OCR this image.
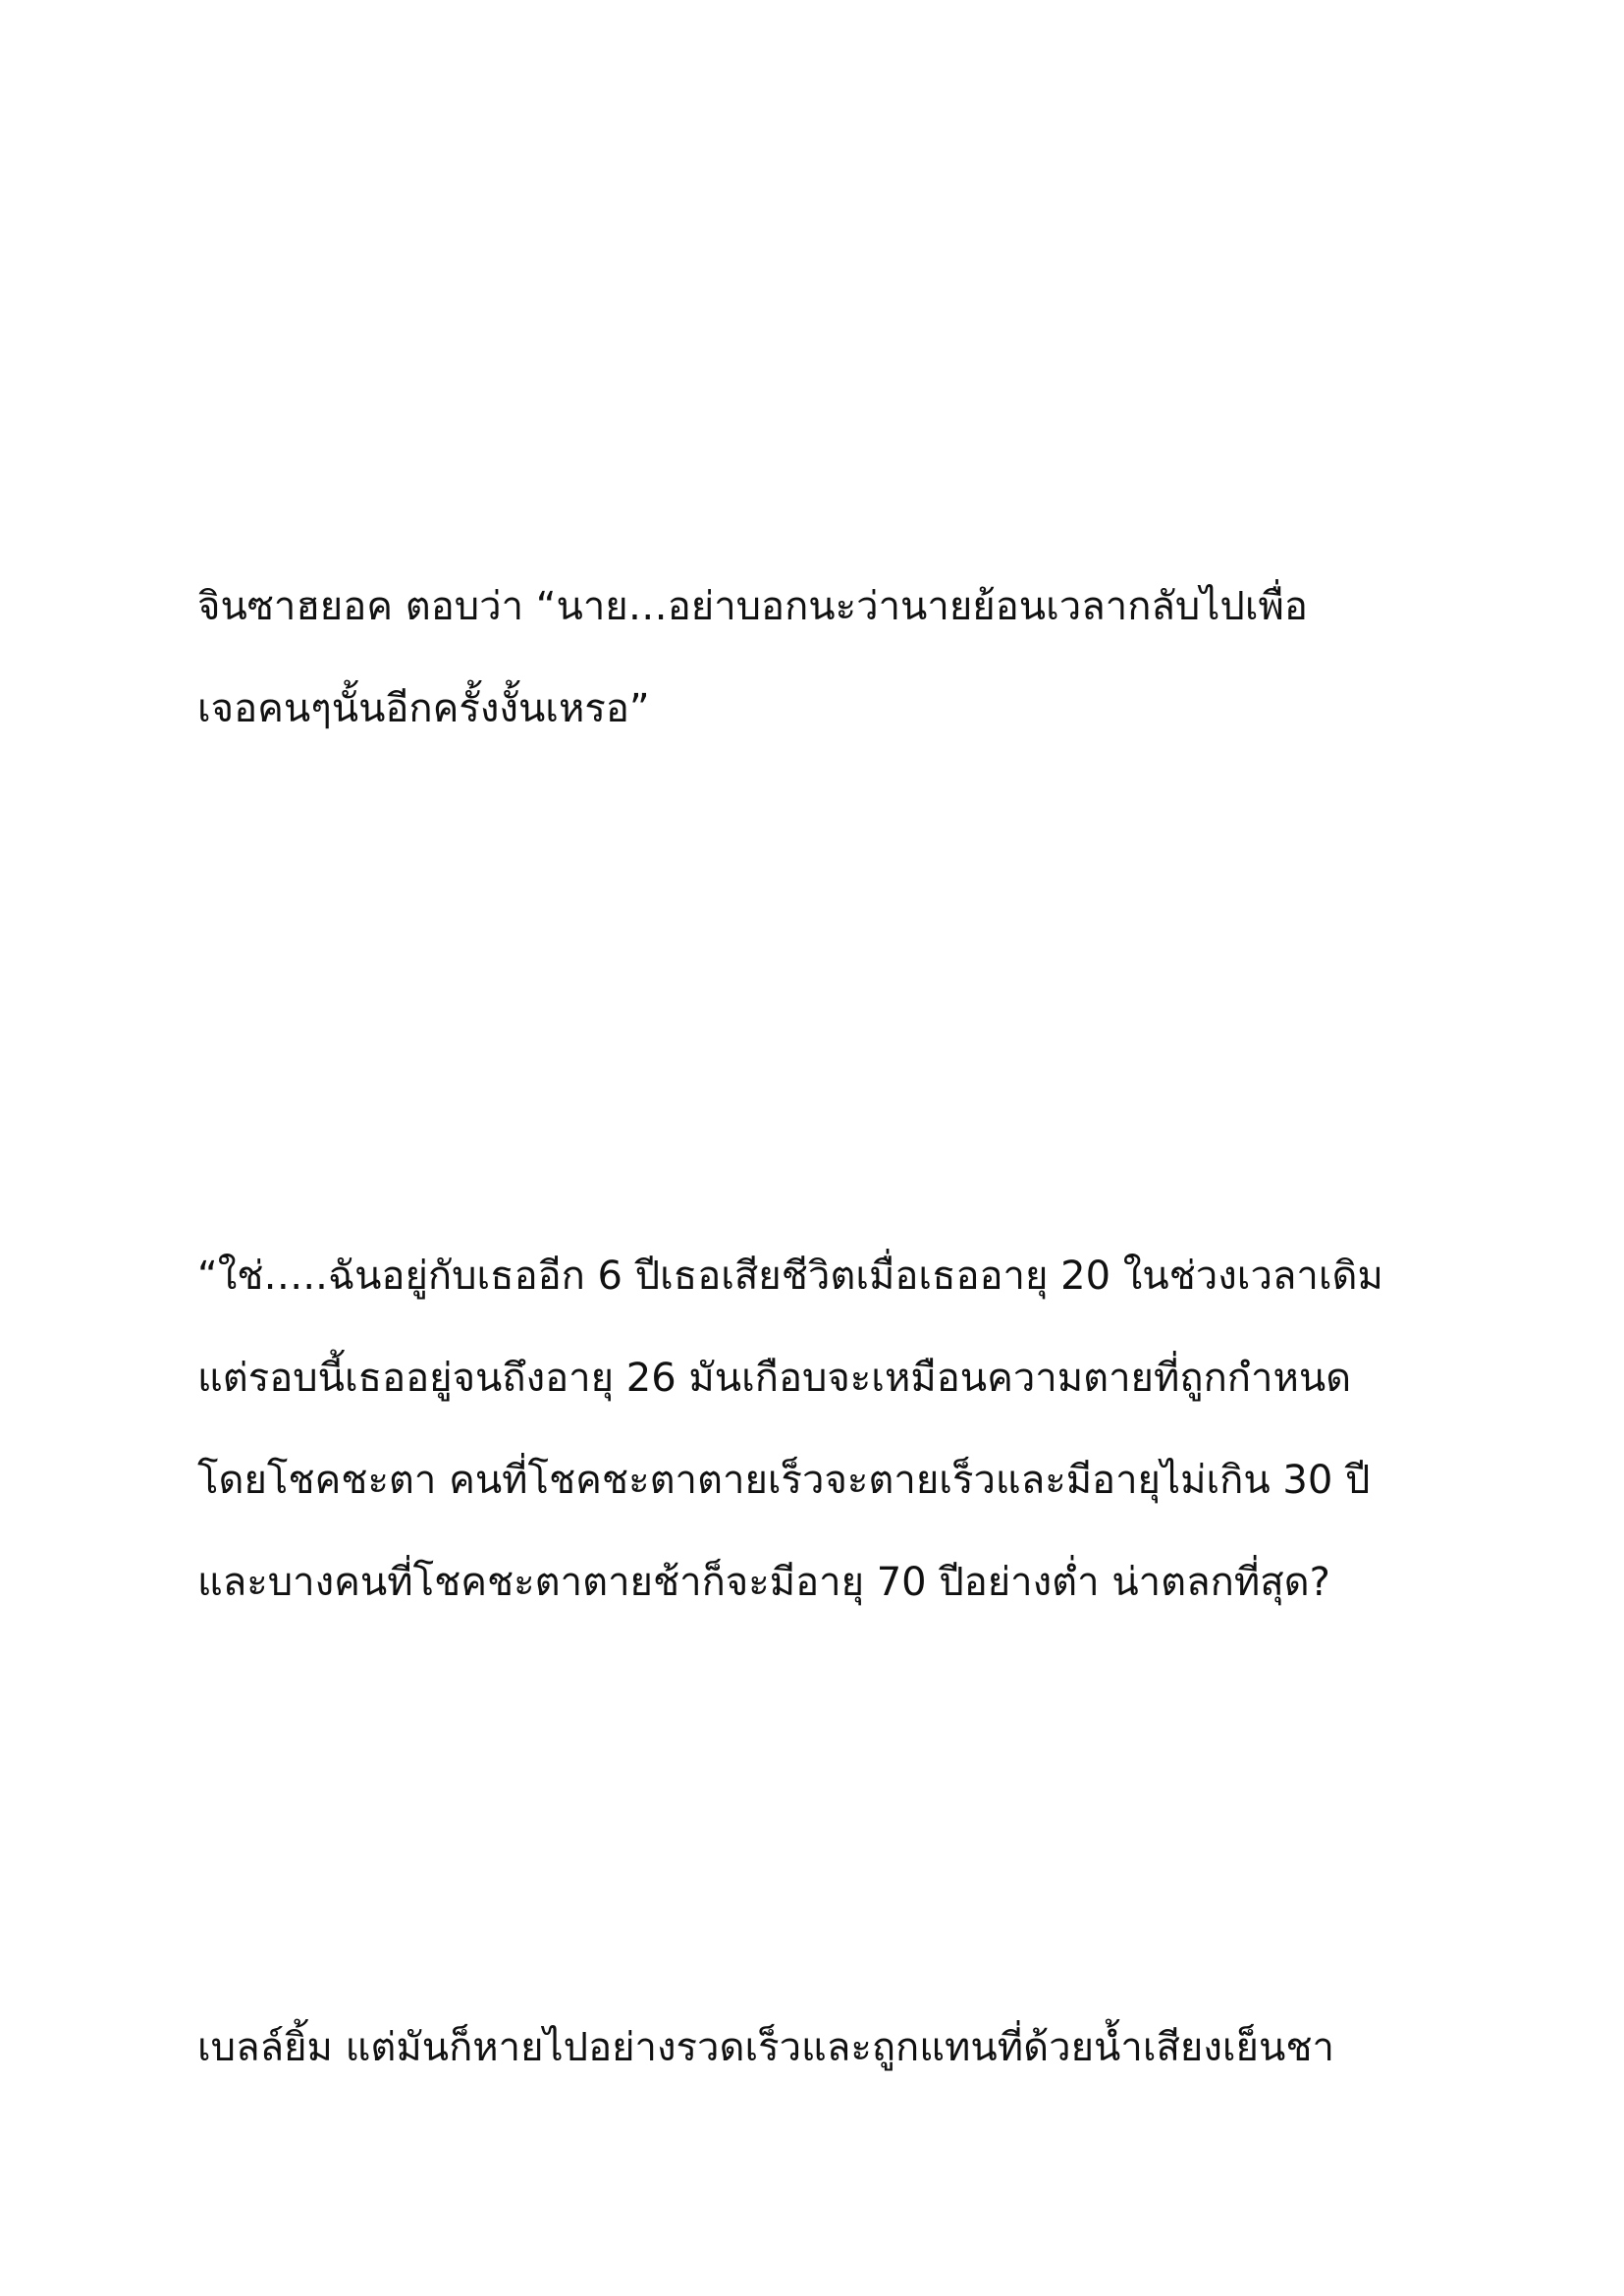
จินซาฮยอค ตอบว่า “นาย…อย่าบอกนะว่านายย้อนเวลากลับไปเพื่อ
เจอคนๆนั้นอีกครั้งงั้นเหรอ”
“ใช่…..ฉันอยู่กับเธออีก 6 ปีเธอเสียชีวิตเมื่อเธออายุ 20 ในช่วงเวลาเดิม
แต่รอบนี้เธออยู่จนถึงอายุ 26 มันเกือบจะเหมือนความตายที่ถูกกำหนด
โดยโชคชะตา คนที่โชคชะตาตายเร็วจะตายเร็วและมีอายุไม่เกิน 30 ปี
และบางคนที่โชคชะตาตายช้าก็จะมีอายุ 70 ปีอย่างต่ำ น่าตลกที่สุด?
เบลล์ยิ้ม แต่มันก็หายไปอย่างรวดเร็วและถูกแทนที่ด้วยน้ำเสียงเย็นชา
